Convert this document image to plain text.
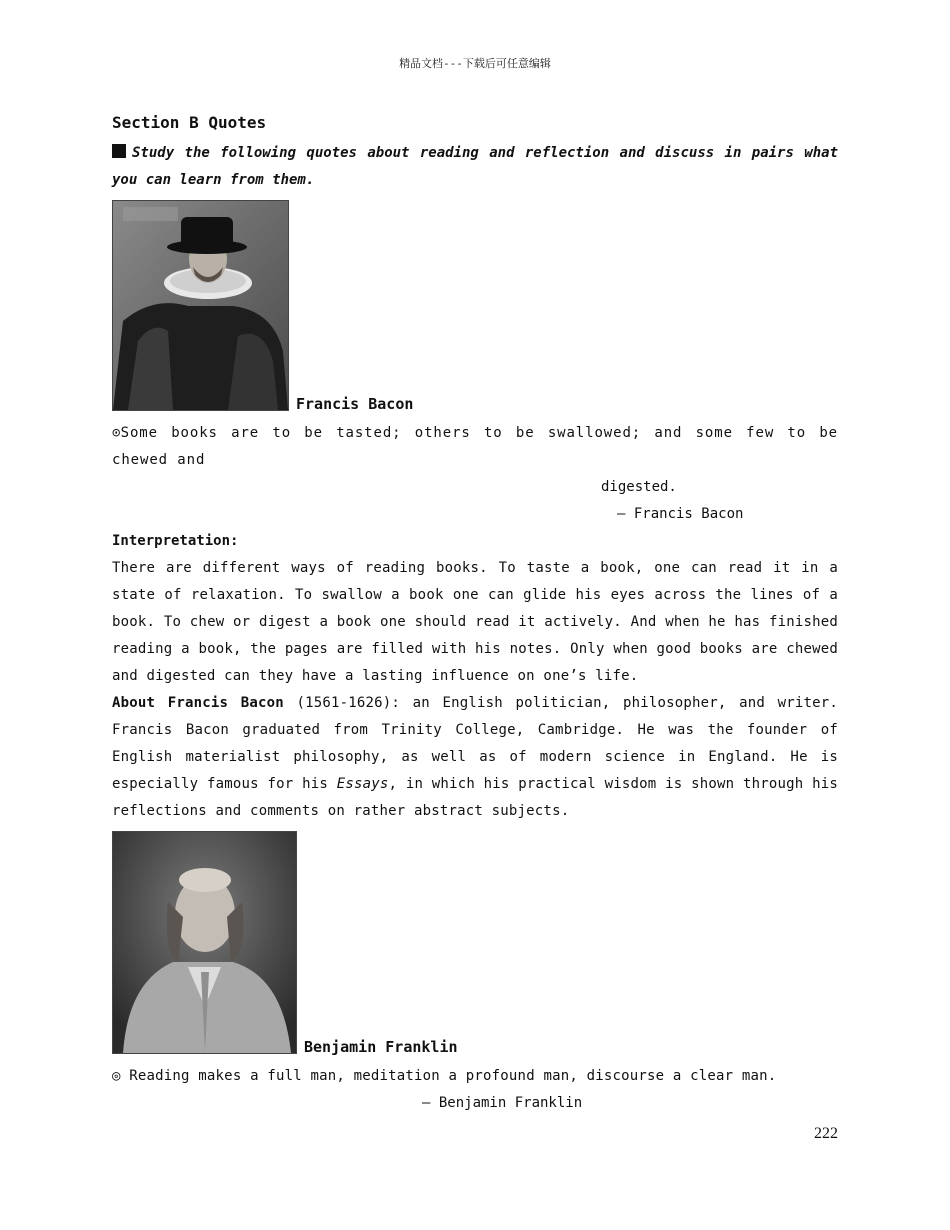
精品文档---下载后可任意编辑
Section B Quotes

Study the following quotes about reading and reflection and discuss in pairs what you can learn from them.

Francis Bacon
⊙Some books are to be tasted; others to be swallowed; and some few to be chewed and
digested.
— Francis Bacon
Interpretation:

There are different ways of reading books. To taste a book, one can read it in a state of relaxation. To swallow a book one can glide his eyes across the lines of a book. To chew or digest a book one should read it actively. And when he has finished reading a book, the pages are filled with his notes. Only when good books are chewed and digested can they have a lasting influence on one’s life.

About Francis Bacon (1561-1626): an English politician, philosopher, and writer. Francis Bacon graduated from Trinity College, Cambridge. He was the founder of English materialist philosophy, as well as of modern science in England. He is especially famous for his Essays, in which his practical wisdom is shown through his reflections and comments on rather abstract subjects.

Benjamin Franklin
◎ Reading makes a full man, meditation a profound man, discourse a clear man.
— Benjamin Franklin
222
